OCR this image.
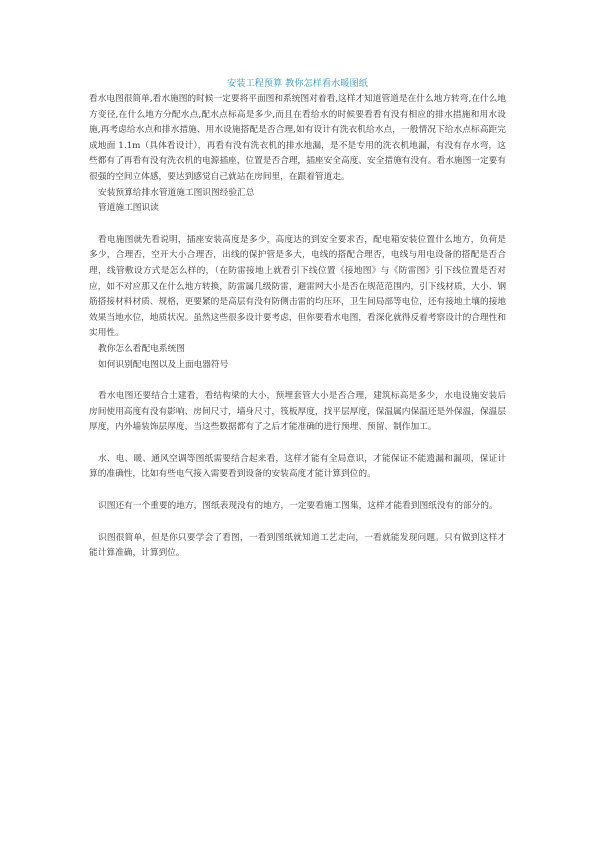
安装工程预算 教你怎样看水暖图纸

看水电图很简单,看水施图的时候一定要将平面图和系统图对着看,这样才知道管道是在什么地方转弯,在什么地方变径,在什么地方分配水点,配水点标高是多少,而且在看给水的时候要看看有没有相应的排水措施和用水设施,再考虑给水点和排水措施、用水设施搭配是否合理,如有设计有洗衣机给水点，一般情况下给水点标高距完成地面 1.1m（具体看设计），再看有没有洗衣机的排水地漏，是不是专用的洗衣机地漏，有没有存水弯，这些都有了再看有没有洗衣机的电源插座，位置是否合理，插座安全高度、安全措施有没有。看水施图一定要有很强的空间立体感，要达到感觉自己就站在房间里，在跟着管道走。

安装预算给排水管道施工图识图经验汇总

管道施工图识读

看电施图就先看说明，插座安装高度是多少，高度达的到安全要求否，配电箱安装位置什么地方，负荷是多少，合理否，空开大小合理否，出线的保护管是多大，电线的搭配合理否，电线与用电设备的搭配是否合理，线管敷设方式是怎么样的，（在防雷接地上就看引下线位置《接地图》与《防雷图》引下线位置是否对应，如不对应那又在什么地方转换，防雷属几级防雷，避雷网大小是否在规范范围内，引下线材质，大小、钢筋搭接材料材质、规格，更要紧的是高层有没有防侧击雷的均压环，卫生间局部等电位，还有接地土壤的接地效果当地水位，地质状况。虽然这些很多设计要考虑，但你要看水电图，看深化就得反着考察设计的合理性和实用性。

教你怎么看配电系统图

如何识别配电图以及上面电器符号

看水电图还要结合土建看，看结构梁的大小，预埋套管大小是否合理，建筑标高是多少，水电设施安装后房间使用高度有没有影响、房间尺寸，墙身尺寸，筏板厚度，找平层厚度，保温属内保温还是外保温，保温层厚度，内外墙装饰层厚度，当这些数据都有了之后才能准确的进行预埋、预留、制作加工。

水、电、暖、通风空调等图纸需要结合起来看，这样才能有全局意识，才能保证不能遗漏和漏项，保证计算的准确性，比如有些电气接入需要看到设备的安装高度才能计算到位的。

识图还有一个重要的地方，图纸表现没有的地方，一定要看施工图集，这样才能看到图纸没有的部分的。

识图很简单，但是你只要学会了看图，一看到图纸就知道工艺走向，一看就能发现问题。只有做到这样才能计算准确，计算到位。
